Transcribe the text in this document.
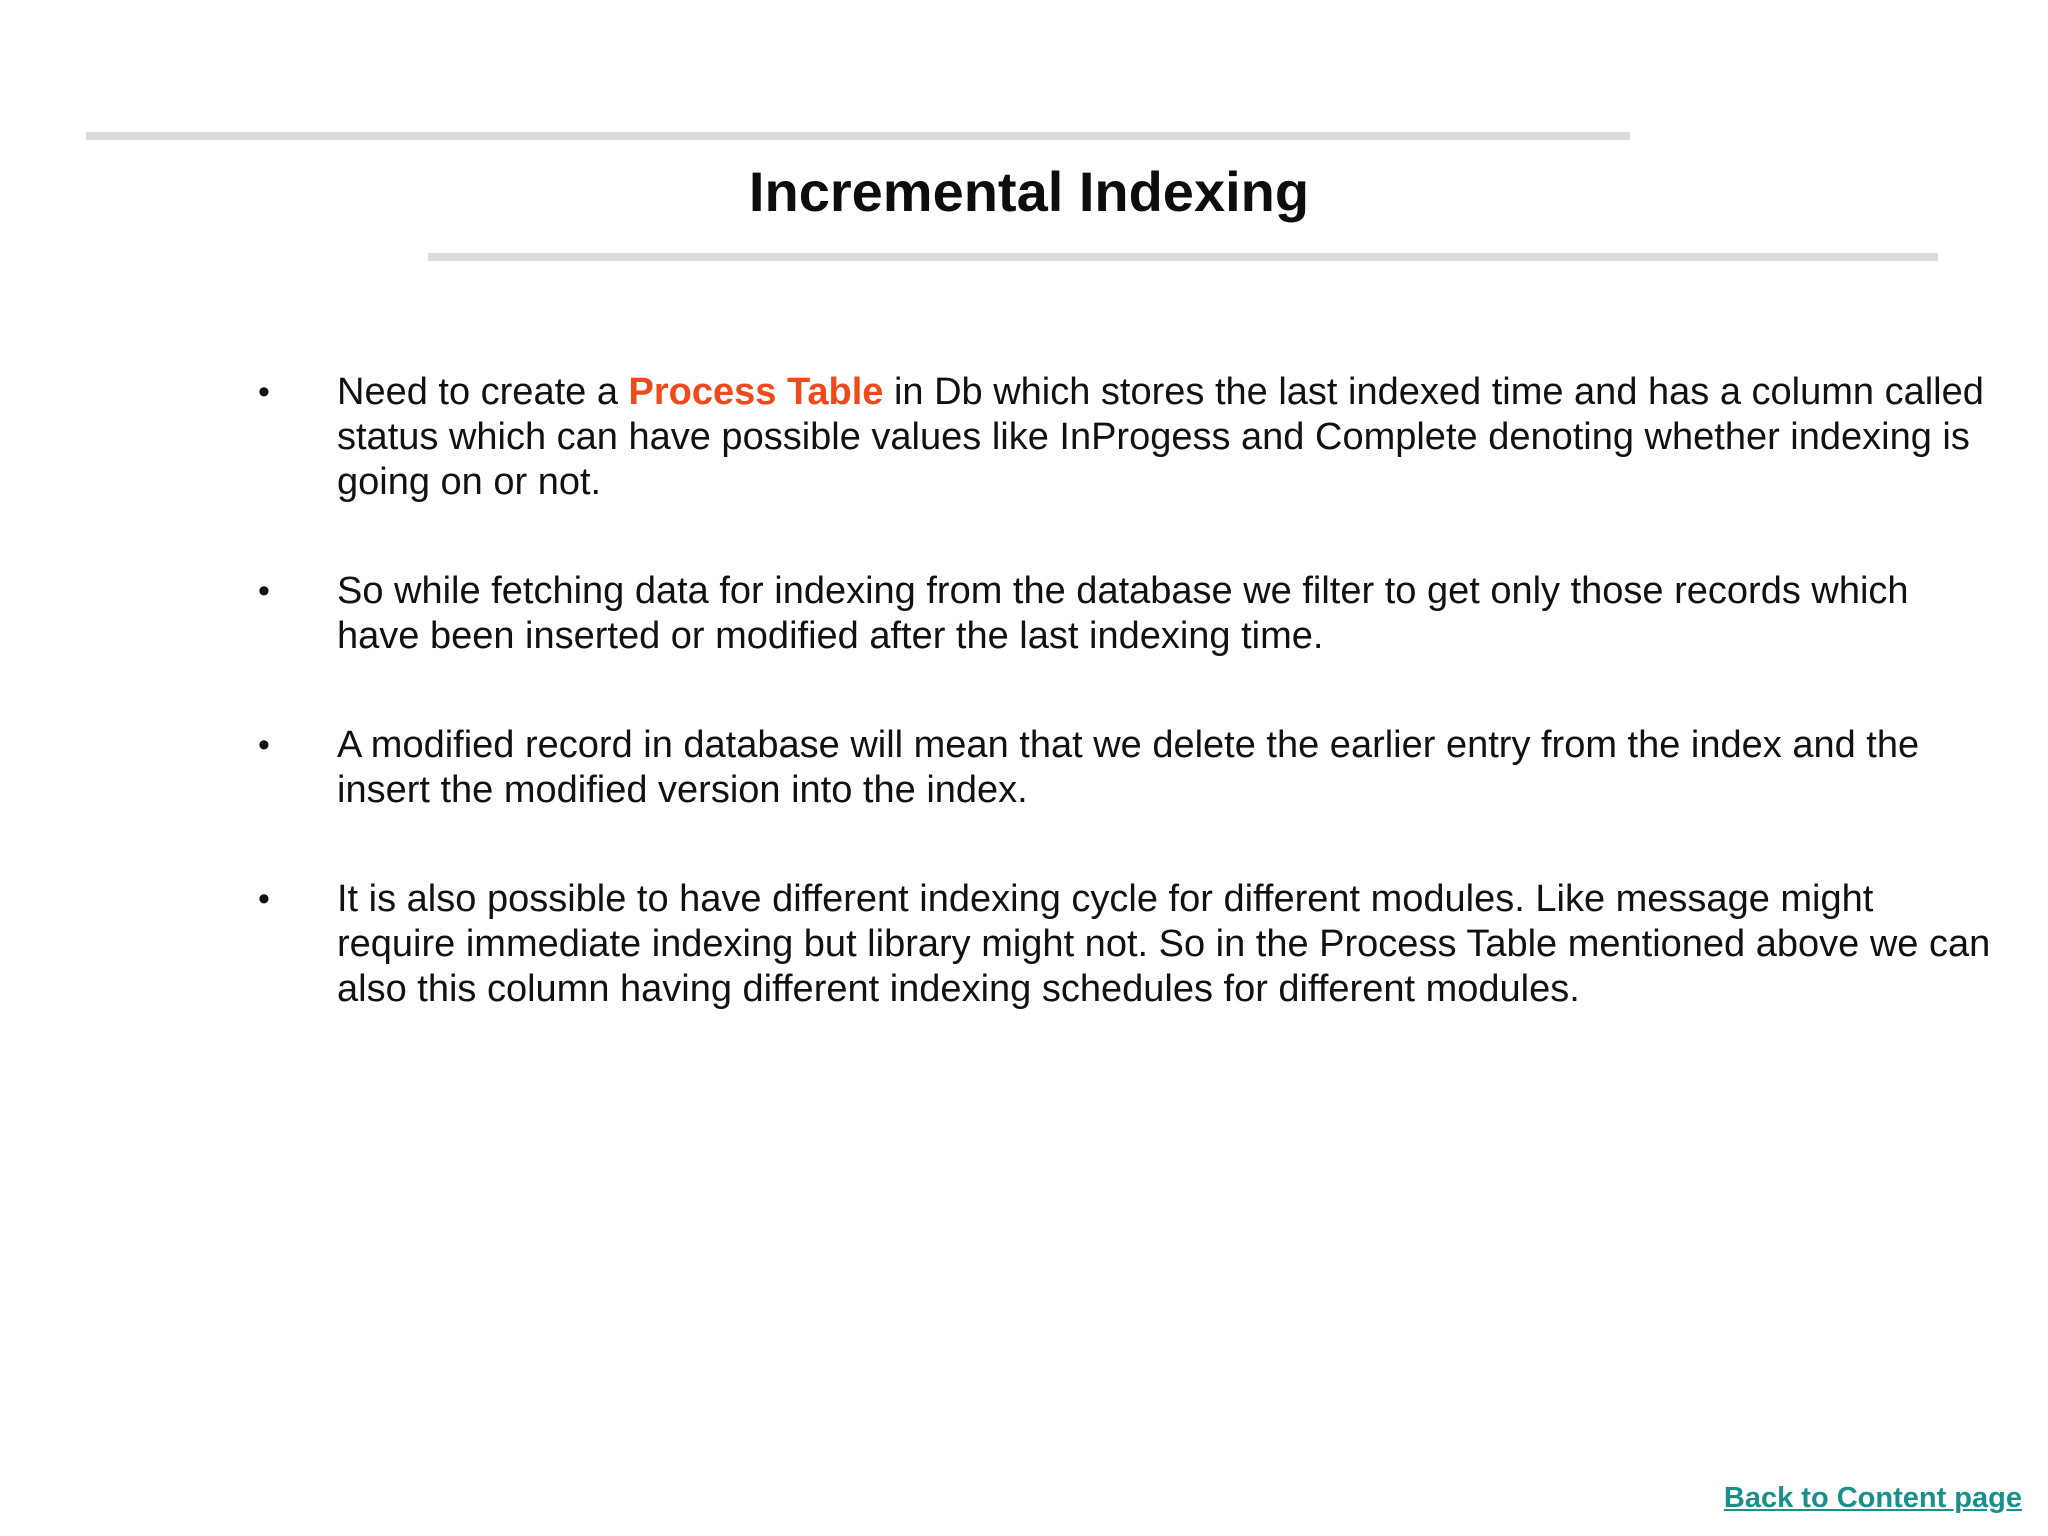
Incremental Indexing
• Need to create a Process Table in Db which stores the last indexed time and has a column called status which can have possible values like InProgess and Complete denoting whether indexing is going on or not.
• So while fetching data for indexing from the database we filter to get only those records which have been inserted or modified after the last indexing time.
• A modified record in database will mean that we delete the earlier entry from the index and the insert the modified version into the index.
• It is also possible to have different indexing cycle for different modules. Like message might require immediate indexing but library might not. So in the Process Table mentioned above we can also this column having different indexing schedules for different modules.
Back to Content page
